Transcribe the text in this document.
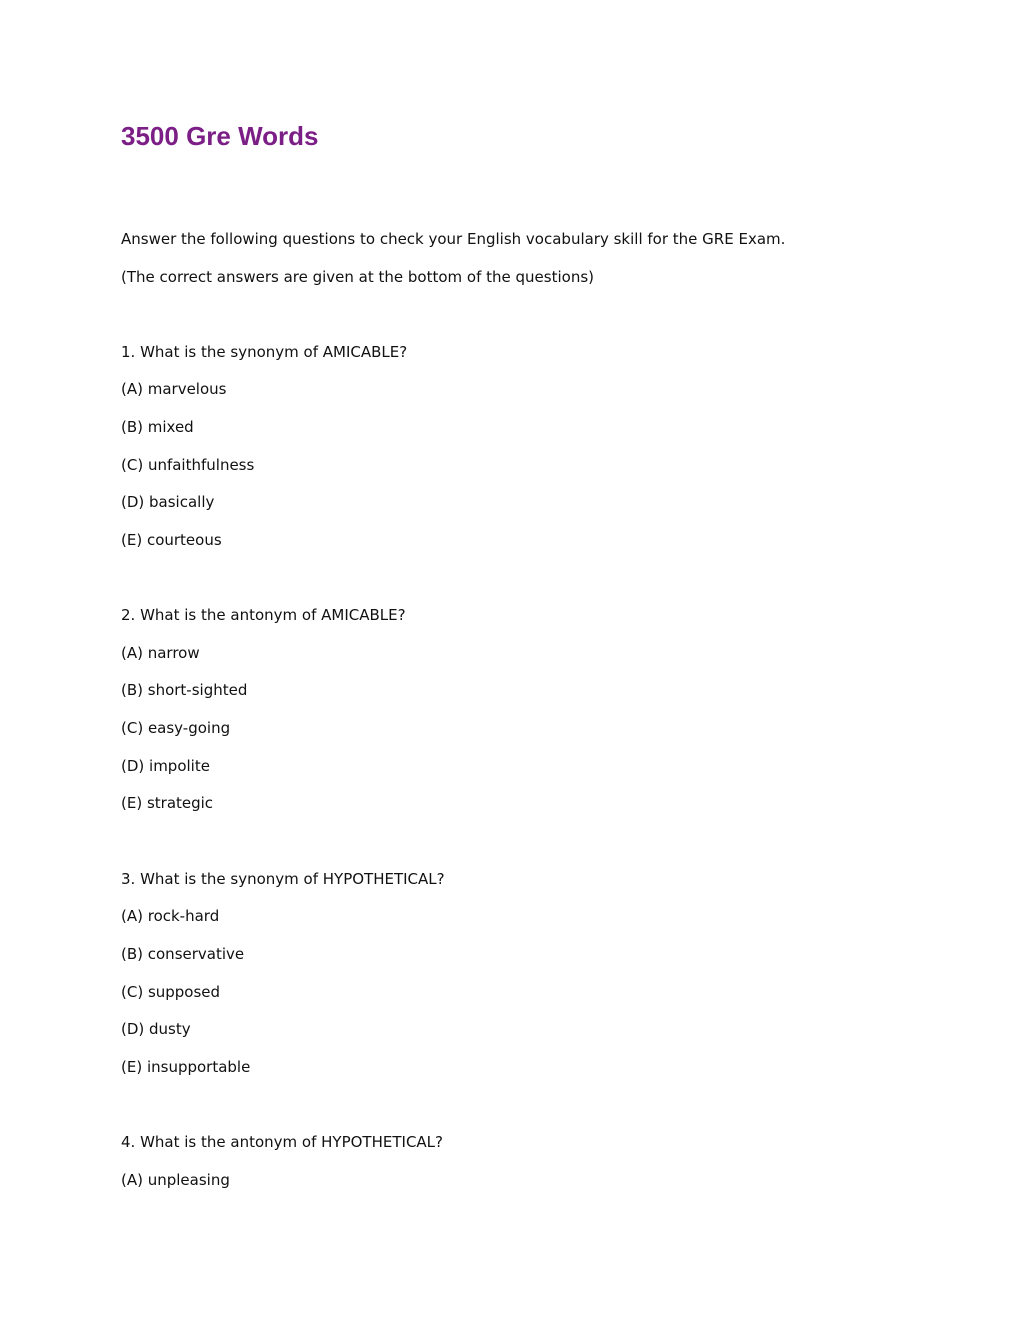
3500 Gre Words

Answer the following questions to check your English vocabulary skill for the GRE Exam.

(The correct answers are given at the bottom of the questions)

1. What is the synonym of AMICABLE?

(A) marvelous

(B) mixed

(C) unfaithfulness

(D) basically

(E) courteous

2. What is the antonym of AMICABLE?

(A) narrow

(B) short-sighted

(C) easy-going

(D) impolite

(E) strategic

3. What is the synonym of HYPOTHETICAL?

(A) rock-hard

(B) conservative

(C) supposed

(D) dusty

(E) insupportable

4. What is the antonym of HYPOTHETICAL?

(A) unpleasing
